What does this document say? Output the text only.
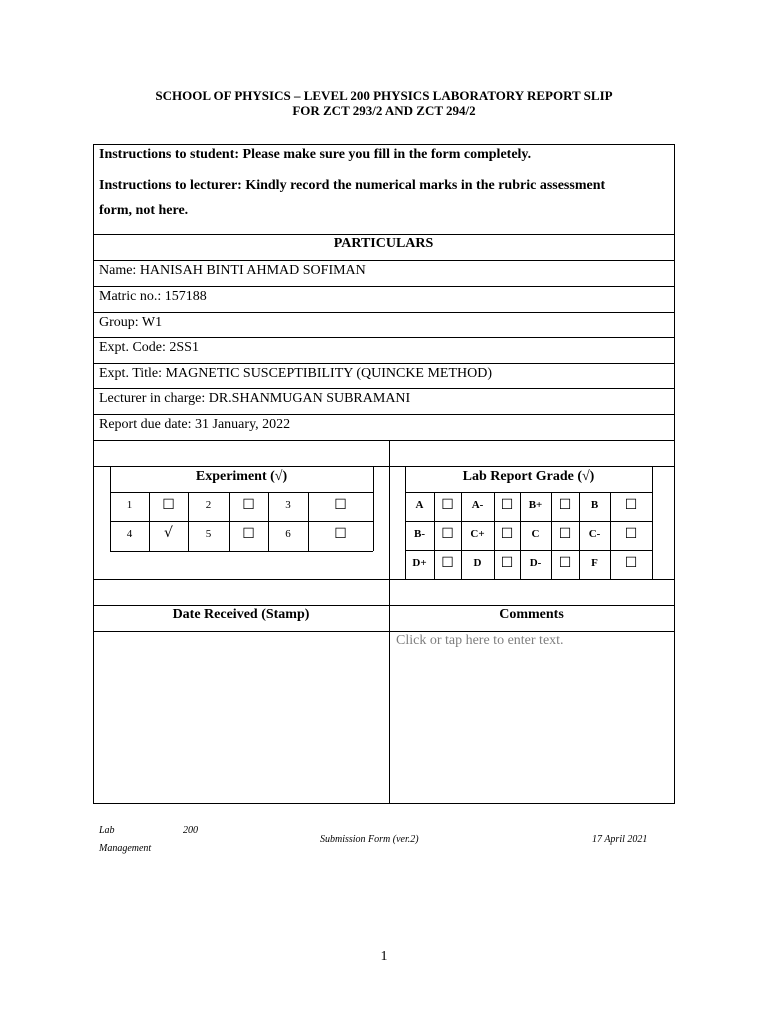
SCHOOL OF PHYSICS – LEVEL 200 PHYSICS LABORATORY REPORT SLIP
FOR ZCT 293/2 AND ZCT 294/2
Instructions to student: Please make sure you fill in the form completely.
Instructions to lecturer: Kindly record the numerical marks in the rubric assessment
form, not here.
PARTICULARS
Name: HANISAH BINTI AHMAD SOFIMAN
Matric no.: 157188
Group: W1
Expt. Code: 2SS1
Expt. Title: MAGNETIC SUSCEPTIBILITY (QUINCKE METHOD)
Lecturer in charge: DR.SHANMUGAN SUBRAMANI
Report due date: 31 January, 2022
Experiment (√)
1	☐	2	☐	3	☐
4	√	5	☐	6	☐
Lab Report Grade (√)
A	☐	A-	☐	B+	☐	B	☐
B-	☐	C+	☐	C	☐	C-	☐
D+	☐	D	☐	D-	☐	F	☐
Date Received (Stamp)	Comments
Click or tap here to enter text.
Lab	200
Management
Submission Form (ver.2)	17 April 2021
1
